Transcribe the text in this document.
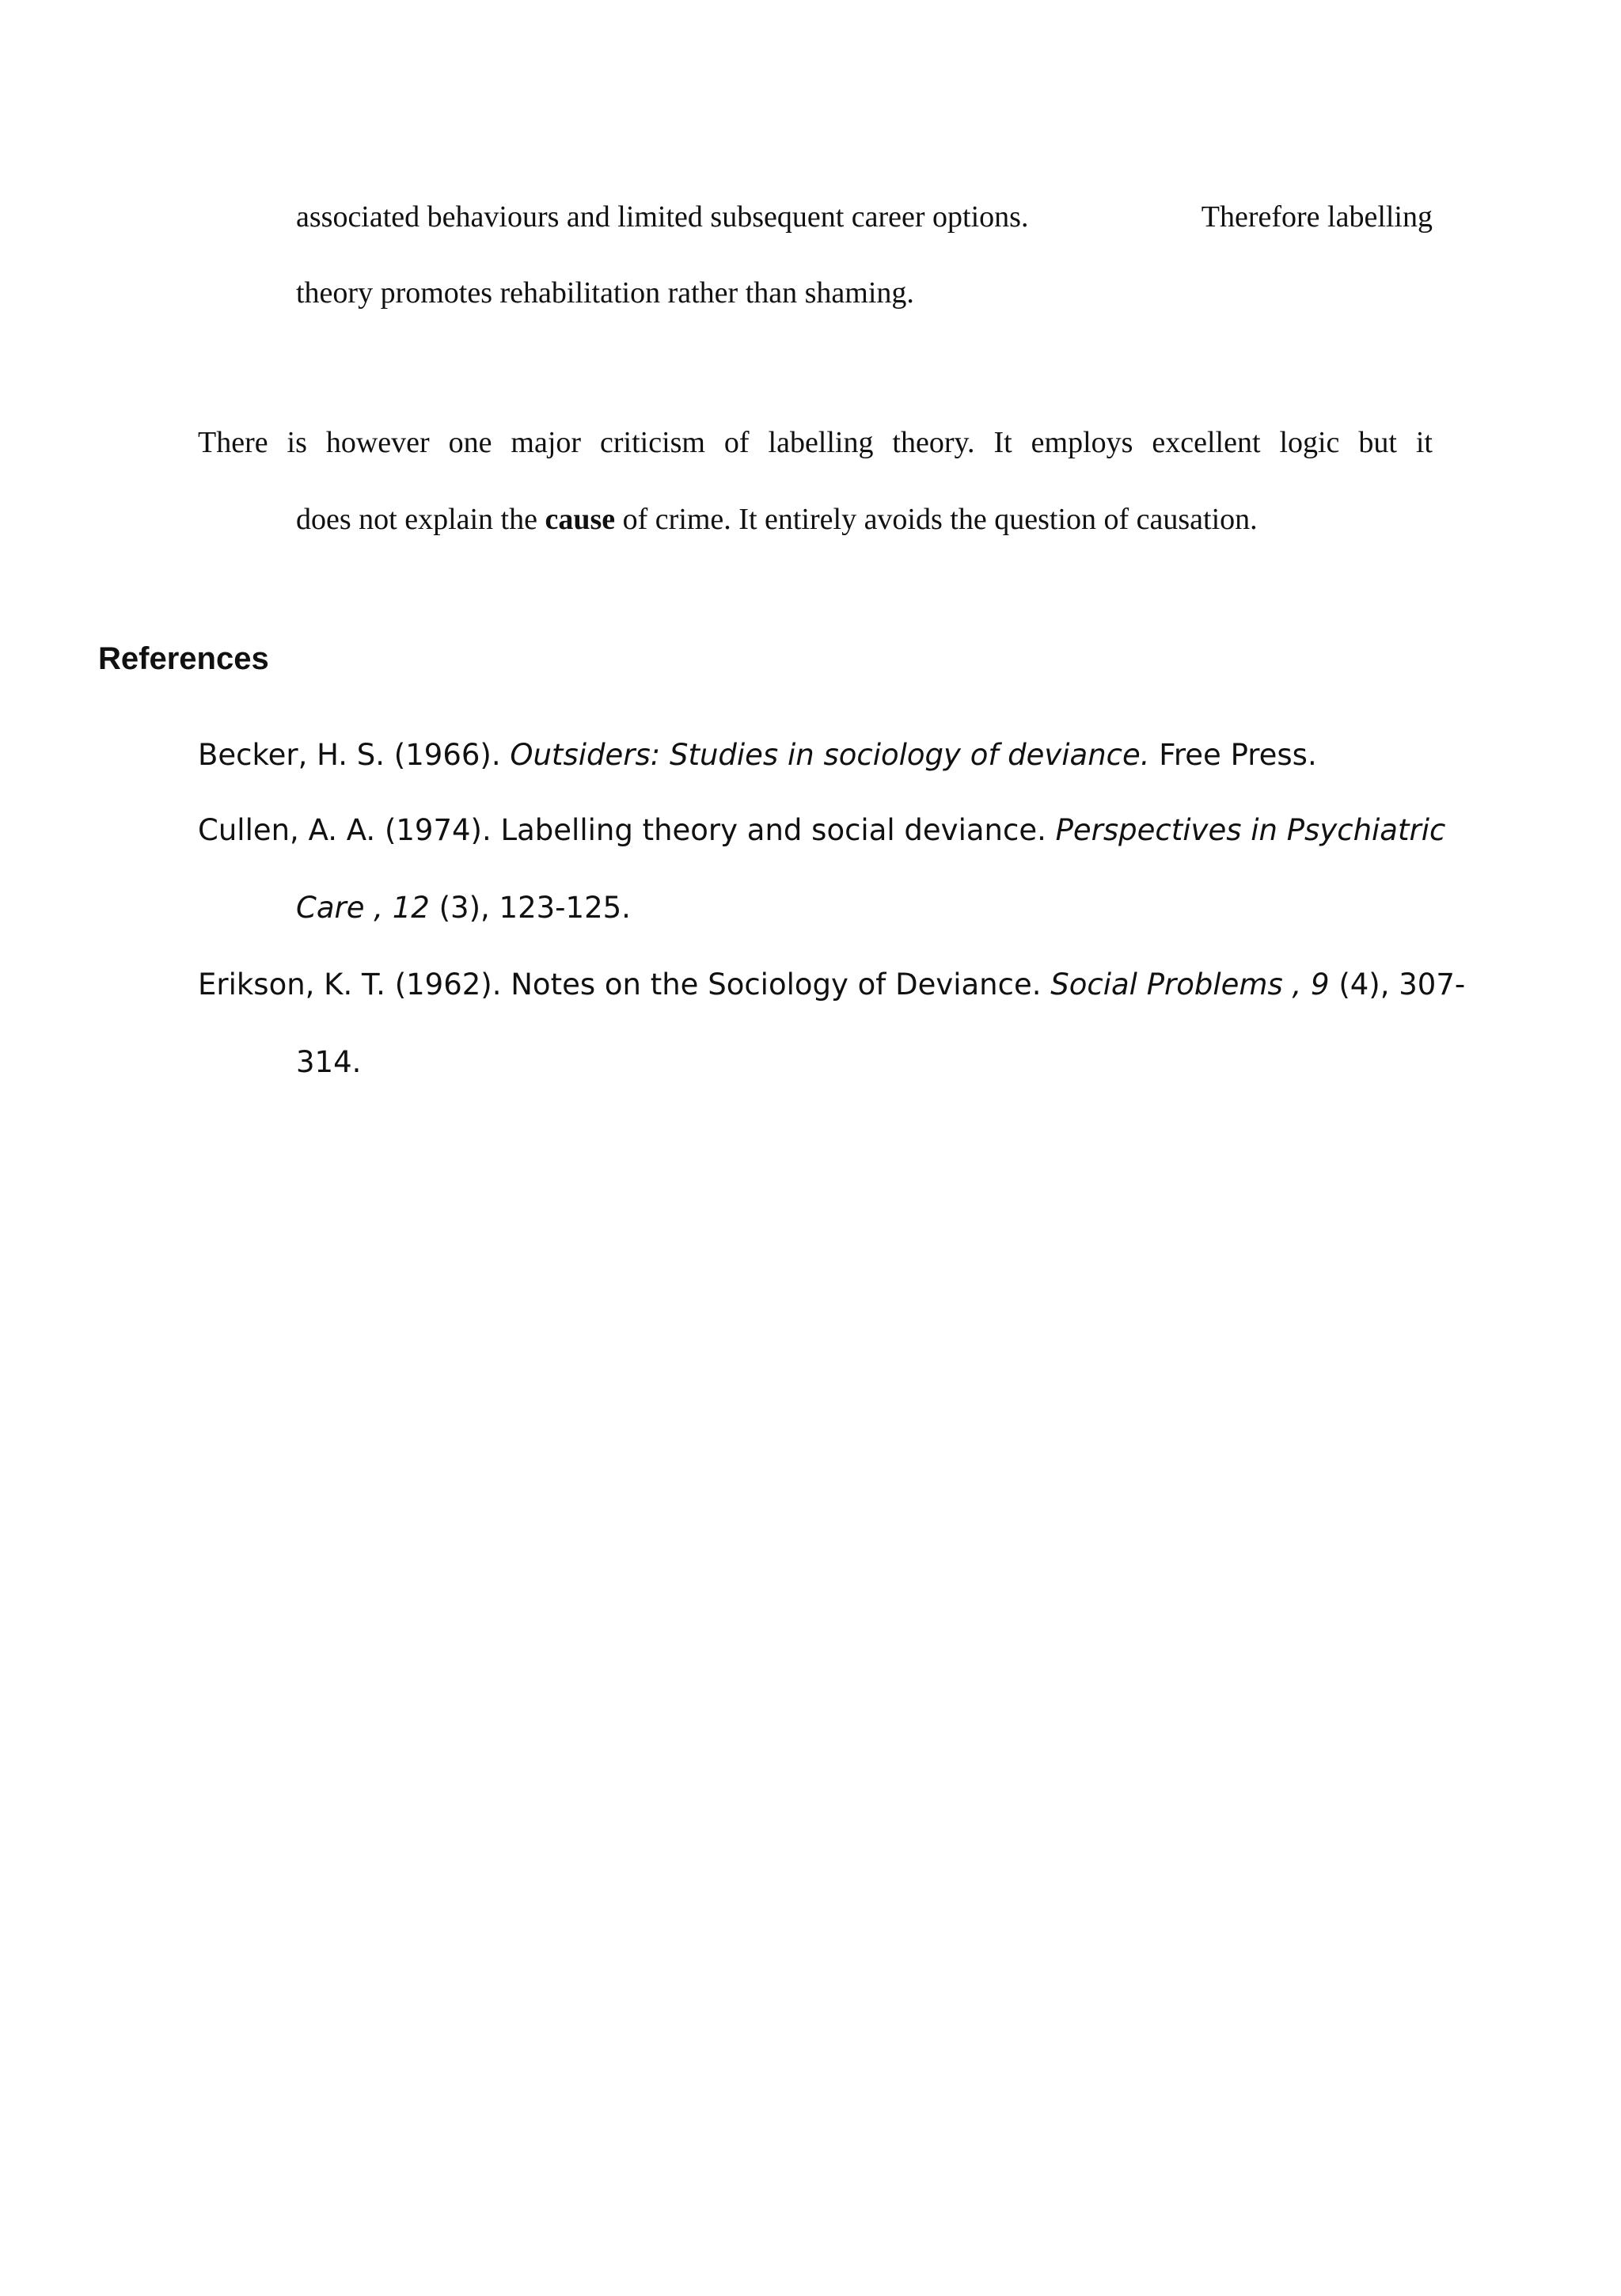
associated behaviours and limited subsequent career options.	Therefore labelling
theory promotes rehabilitation rather than shaming.
There is however one major criticism of labelling theory. It employs excellent logic but it
does not explain the cause of crime. It entirely avoids the question of causation.
References
Becker, H. S. (1966). Outsiders: Studies in sociology of deviance. Free Press.
Cullen, A. A. (1974). Labelling theory and social deviance. Perspectives in Psychiatric
Care , 12 (3), 123-125.
Erikson, K. T. (1962). Notes on the Sociology of Deviance. Social Problems , 9 (4), 307-
314.
